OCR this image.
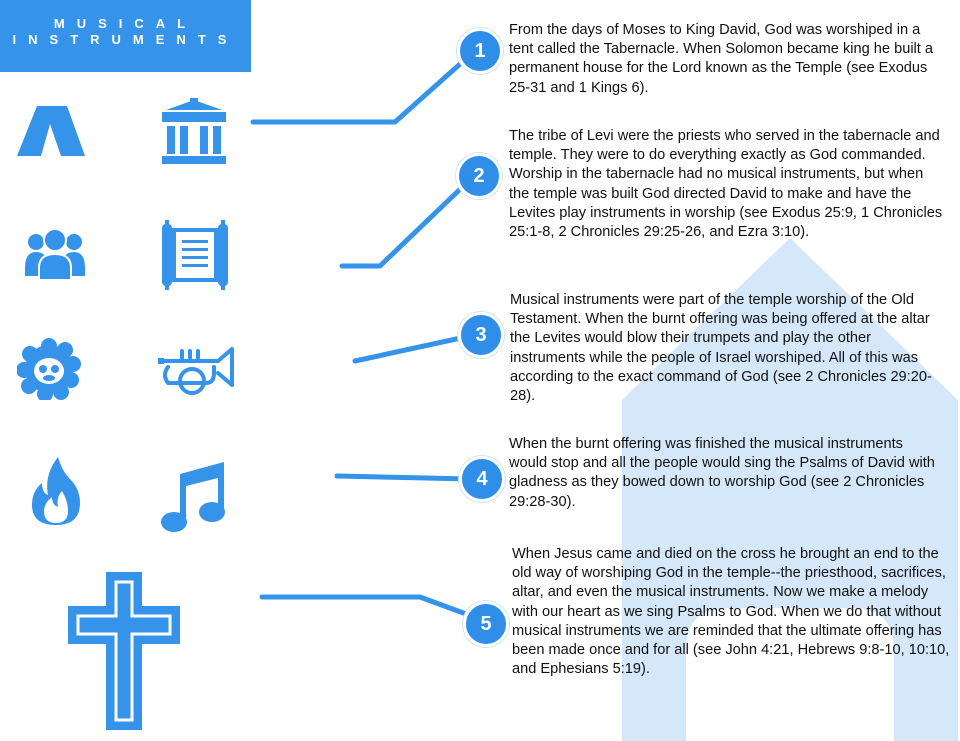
MUSICAL
INSTRUMENTS
1
2
3
4
5

From the days of Moses to King David, God was worshiped in a tent called the Tabernacle. When Solomon became king he built a permanent house for the Lord known as the Temple (see Exodus 25-31 and 1 Kings 6).

The tribe of Levi were the priests who served in the tabernacle and temple. They were to do everything exactly as God commanded. Worship in the tabernacle had no musical instruments, but when the temple was built God directed David to make and have the Levites play instruments in worship (see Exodus 25:9, 1 Chronicles 25:1-8, 2 Chronicles 29:25-26, and Ezra 3:10).

Musical instruments were part of the temple worship of the Old Testament. When the burnt offering was being offered at the altar the Levites would blow their trumpets and play the other instruments while the people of Israel worshiped. All of this was according to the exact command of God (see 2 Chronicles 29:20-28).

When the burnt offering was finished the musical instruments would stop and all the people would sing the Psalms of David with gladness as they bowed down to worship God (see 2 Chronicles 29:28-30).

When Jesus came and died on the cross he brought an end to the old way of worshiping God in the temple--the priesthood, sacrifices, altar, and even the musical instruments. Now we make a melody with our heart as we sing Psalms to God. When we do that without musical instruments we are reminded that the ultimate offering has been made once and for all (see John 4:21, Hebrews 9:8-10, 10:10, and Ephesians 5:19).
